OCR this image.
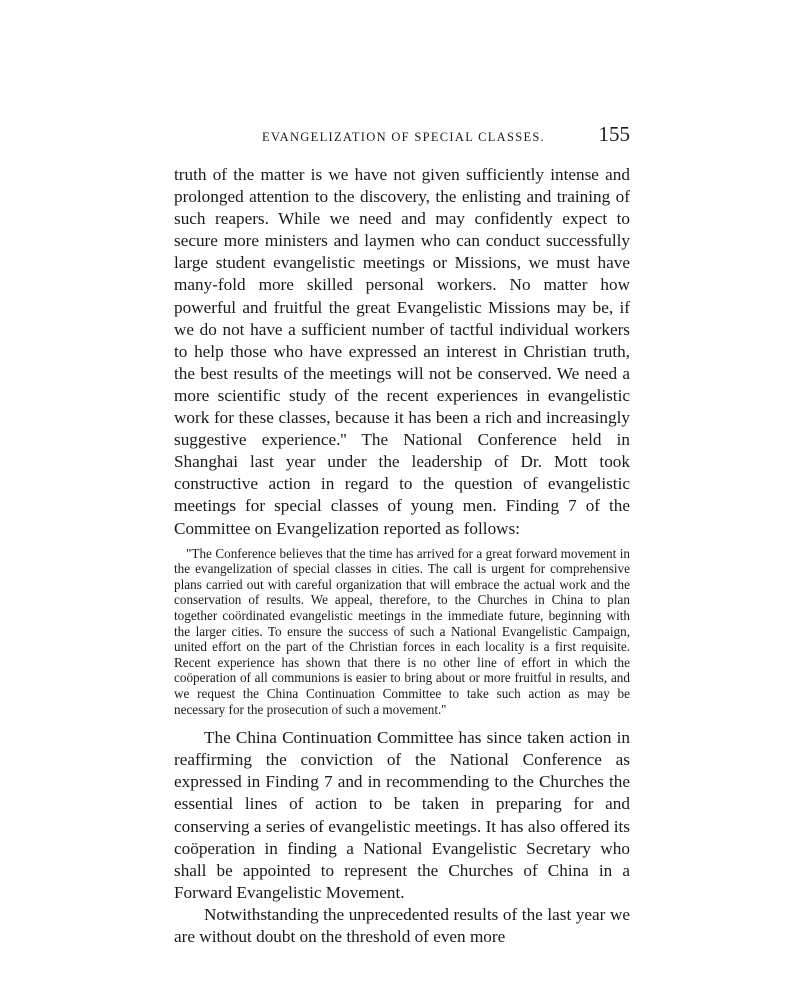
EVANGELIZATION OF SPECIAL CLASSES.	155

truth of the matter is we have not given sufficiently intense and prolonged attention to the discovery, the enlisting and training of such reapers. While we need and may confidently expect to secure more ministers and laymen who can conduct successfully large student evangelistic meetings or Missions, we must have many-fold more skilled personal workers. No matter how powerful and fruitful the great Evangelistic Missions may be, if we do not have a sufficient number of tactful individual workers to help those who have expressed an interest in Christian truth, the best results of the meetings will not be conserved. We need a more scientific study of the recent experiences in evangelistic work for these classes, because it has been a rich and increasingly suggestive experience.'' The National Conference held in Shanghai last year under the leadership of Dr. Mott took constructive action in regard to the question of evangelistic meetings for special classes of young men. Finding 7 of the Committee on Evangelization reported as follows:

"The Conference believes that the time has arrived for a great forward movement in the evangelization of special classes in cities. The call is urgent for comprehensive plans carried out with careful organization that will embrace the actual work and the conservation of results. We appeal, therefore, to the Churches in China to plan together coördinated evangelistic meetings in the immediate future, beginning with the larger cities. To ensure the success of such a National Evangelistic Campaign, united effort on the part of the Christian forces in each locality is a first requisite. Recent experience has shown that there is no other line of effort in which the coöperation of all communions is easier to bring about or more fruitful in results, and we request the China Continuation Committee to take such action as may be necessary for the prosecution of such a movement.''

The China Continuation Committee has since taken action in reaffirming the conviction of the National Conference as expressed in Finding 7 and in recommending to the Churches the essential lines of action to be taken in preparing for and conserving a series of evangelistic meetings. It has also offered its coöperation in finding a National Evangelistic Secretary who shall be appointed to represent the Churches of China in a Forward Evangelistic Movement.

Notwithstanding the unprecedented results of the last year we are without doubt on the threshold of even more
